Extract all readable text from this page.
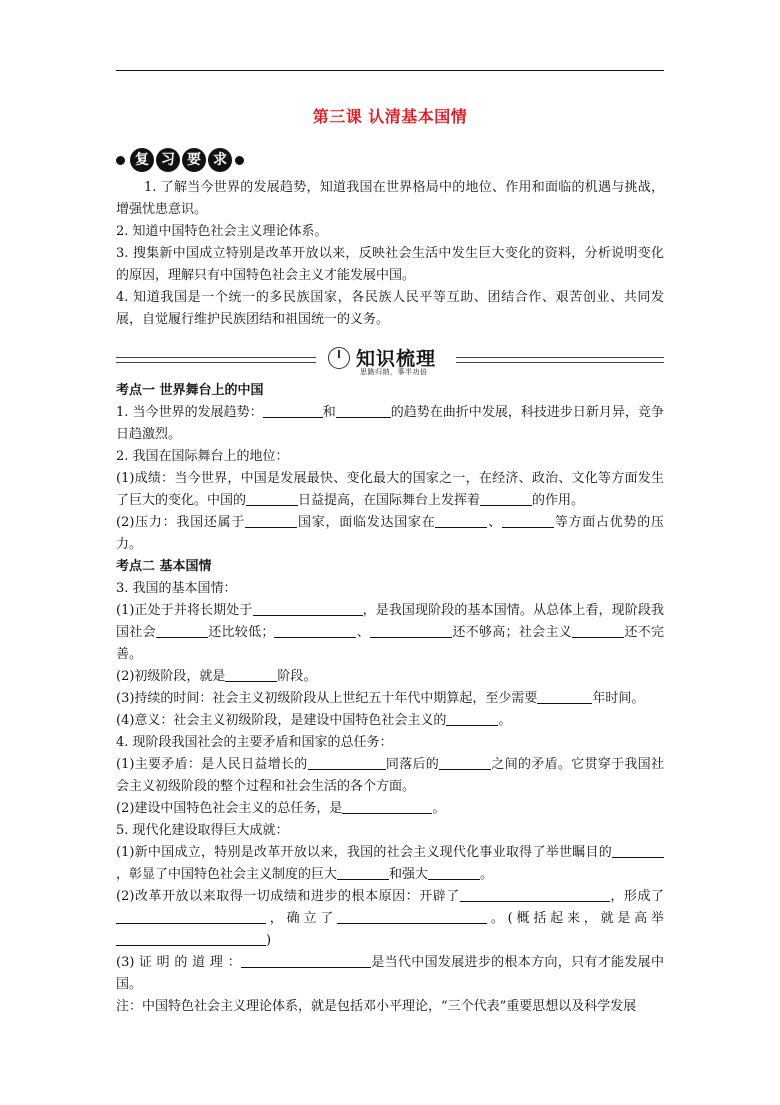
第三课 认清基本国情
复 习 要 求

1. 了解当今世界的发展趋势，知道我国在世界格局中的地位、作用和面临的机遇与挑战，增强忧患意识。

2. 知道中国特色社会主义理论体系。

3. 搜集新中国成立特别是改革开放以来，反映社会生活中发生巨大变化的资料，分析说明变化的原因，理解只有中国特色社会主义才能发展中国。

4. 知道我国是一个统一的多民族国家，各民族人民平等互助、团结合作、艰苦创业、共同发展，自觉履行维护民族团结和祖国统一的义务。

知识梳理
思路归纳，事半功倍

考点一 世界舞台上的中国

1. 当今世界的发展趋势：	和	的趋势在曲折中发展，科技进步日新月异，竞争日趋激烈。

2. 我国在国际舞台上的地位：

(1)成绩：当今世界，中国是发展最快、变化最大的国家之一，在经济、政治、文化等方面发生了巨大的变化。中国的	日益提高，在国际舞台上发挥着	的作用。

(2)压力：我国还属于	国家，面临发达国家在	、	等方面占优势的压力。

考点二 基本国情

3. 我国的基本国情：

(1)正处于并将长期处于	，是我国现阶段的基本国情。从总体上看，现阶段我国社会	还比较低；	、	还不够高；社会主义	还不完善。

(2)初级阶段，就是	阶段。

(3)持续的时间：社会主义初级阶段从上世纪五十年代中期算起，至少需要	年时间。

(4)意义：社会主义初级阶段，是建设中国特色社会主义的	。

4. 现阶段我国社会的主要矛盾和国家的总任务：

(1)主要矛盾：是人民日益增长的	同落后的	之间的矛盾。它贯穿于我国社会主义初级阶段的整个过程和社会生活的各个方面。

(2)建设中国特色社会主义的总任务，是	。

5. 现代化建设取得巨大成就：

(1)新中国成立，特别是改革开放以来，我国的社会主义现代化事业取得了举世瞩目的，彰显了中国特色社会主义制度的巨大	和强大	。

(2)改革开放以来取得一切成绩和进步的根本原因：开辟了	，形成了，确立了	。(概括起来，就是高举)

(3) 证 明 的 道 理 ：	是当代中国发展进步的根本方向，只有才能发展中国。

注：中国特色社会主义理论体系，就是包括邓小平理论，“三个代表”重要思想以及科学发展
